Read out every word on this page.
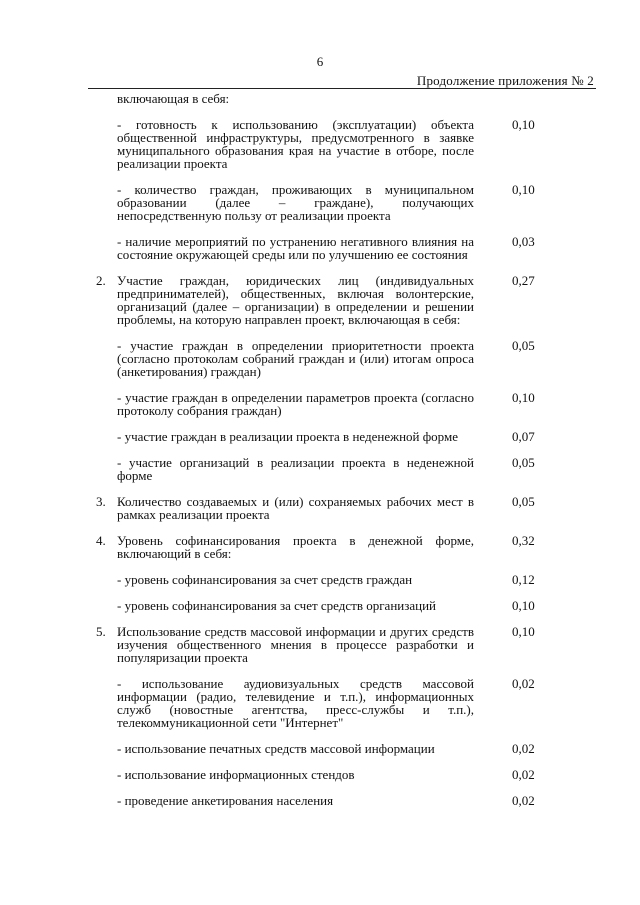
6
Продолжение приложения № 2
включающая в себя:
- готовность к использованию (эксплуатации) объекта общественной инфраструктуры, предусмотренного в заявке муниципального образования края на участие в отборе, после реализации проекта
0,10
- количество граждан, проживающих в муниципальном образовании (далее – граждане), получающих непосредственную пользу от реализации проекта
0,10
- наличие мероприятий по устранению негативного влияния на состояние окружающей среды или по улучшению ее состояния
0,03
2. Участие граждан, юридических лиц (индивидуальных предпринимателей), общественных, включая волонтерские, организаций (далее – организации) в определении и решении проблемы, на которую направлен проект, включающая в себя:
0,27
- участие граждан в определении приоритетности проекта (согласно протоколам собраний граждан и (или) итогам опроса (анкетирования) граждан)
0,05
- участие граждан в определении параметров проекта (согласно протоколу собрания граждан)
0,10
- участие граждан в реализации проекта в неденежной форме	0,07
- участие организаций в реализации проекта в неденежной форме
0,05
3. Количество создаваемых и (или) сохраняемых рабочих мест в рамках реализации проекта
0,05
4. Уровень софинансирования проекта в денежной форме, включающий в себя:
0,32
- уровень софинансирования за счет средств граждан	0,12
- уровень софинансирования за счет средств организаций	0,10
5. Использование средств массовой информации и других средств изучения общественного мнения в процессе разработки и популяризации проекта
0,10
- использование аудиовизуальных средств массовой информации (радио, телевидение и т.п.), информационных служб (новостные агентства, пресс-службы и т.п.), телекоммуникационной сети "Интернет"
0,02
- использование печатных средств массовой информации	0,02
- использование информационных стендов	0,02
- проведение анкетирования населения	0,02
